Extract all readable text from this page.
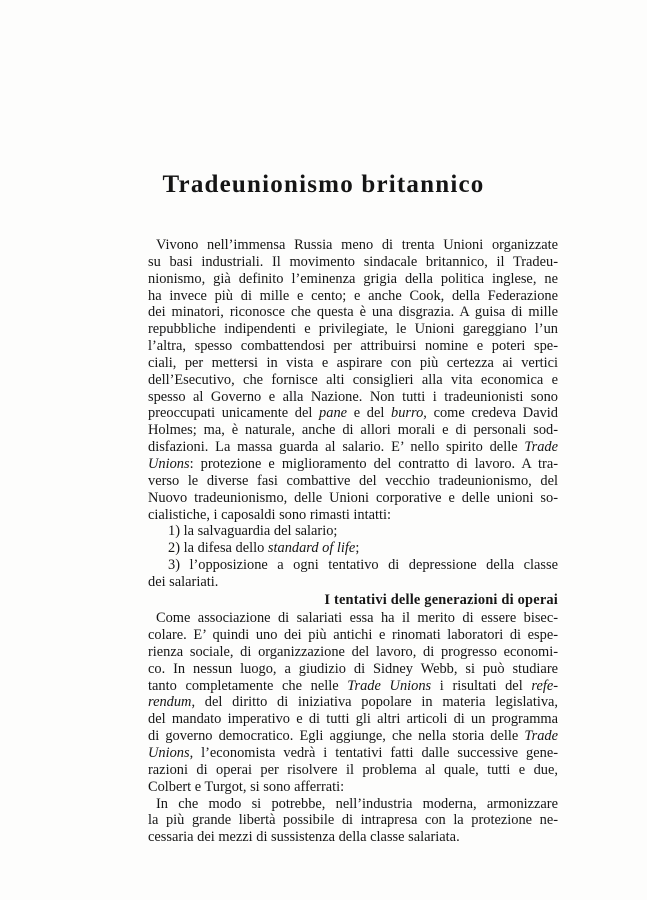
Tradeunionismo britannico
Vivono nell’immensa Russia meno di trenta Unioni organizzate
su basi industriali. Il movimento sindacale britannico, il Tradeu-
nionismo, già definito l’eminenza grigia della politica inglese, ne
ha invece più di mille e cento; e anche Cook, della Federazione
dei minatori, riconosce che questa è una disgrazia. A guisa di mille
repubbliche indipendenti e privilegiate, le Unioni gareggiano l’un
l’altra, spesso combattendosi per attribuirsi nomine e poteri spe-
ciali, per mettersi in vista e aspirare con più certezza ai vertici
dell’Esecutivo, che fornisce alti consiglieri alla vita economica e
spesso al Governo e alla Nazione. Non tutti i tradeunionisti sono
preoccupati unicamente del pane e del burro, come credeva David
Holmes; ma, è naturale, anche di allori morali e di personali sod-
disfazioni. La massa guarda al salario. E’ nello spirito delle Trade
Unions: protezione e miglioramento del contratto di lavoro. A tra-
verso le diverse fasi combattive del vecchio tradeunionismo, del
Nuovo tradeunionismo, delle Unioni corporative e delle unioni so-
cialistiche, i caposaldi sono rimasti intatti:
1) la salvaguardia del salario;
2) la difesa dello standard of life;
3) l’opposizione a ogni tentativo di depressione della classe
dei salariati.
I tentativi delle generazioni di operai
Come associazione di salariati essa ha il merito di essere bisec-
colare. E’ quindi uno dei più antichi e rinomati laboratori di espe-
rienza sociale, di organizzazione del lavoro, di progresso economi-
co. In nessun luogo, a giudizio di Sidney Webb, si può studiare
tanto completamente che nelle Trade Unions i risultati del refe-
rendum, del diritto di iniziativa popolare in materia legislativa,
del mandato imperativo e di tutti gli altri articoli di un programma
di governo democratico. Egli aggiunge, che nella storia delle Trade
Unions, l’economista vedrà i tentativi fatti dalle successive gene-
razioni di operai per risolvere il problema al quale, tutti e due,
Colbert e Turgot, si sono afferrati:
In che modo si potrebbe, nell’industria moderna, armonizzare
la più grande libertà possibile di intrapresa con la protezione ne-
cessaria dei mezzi di sussistenza della classe salariata.
